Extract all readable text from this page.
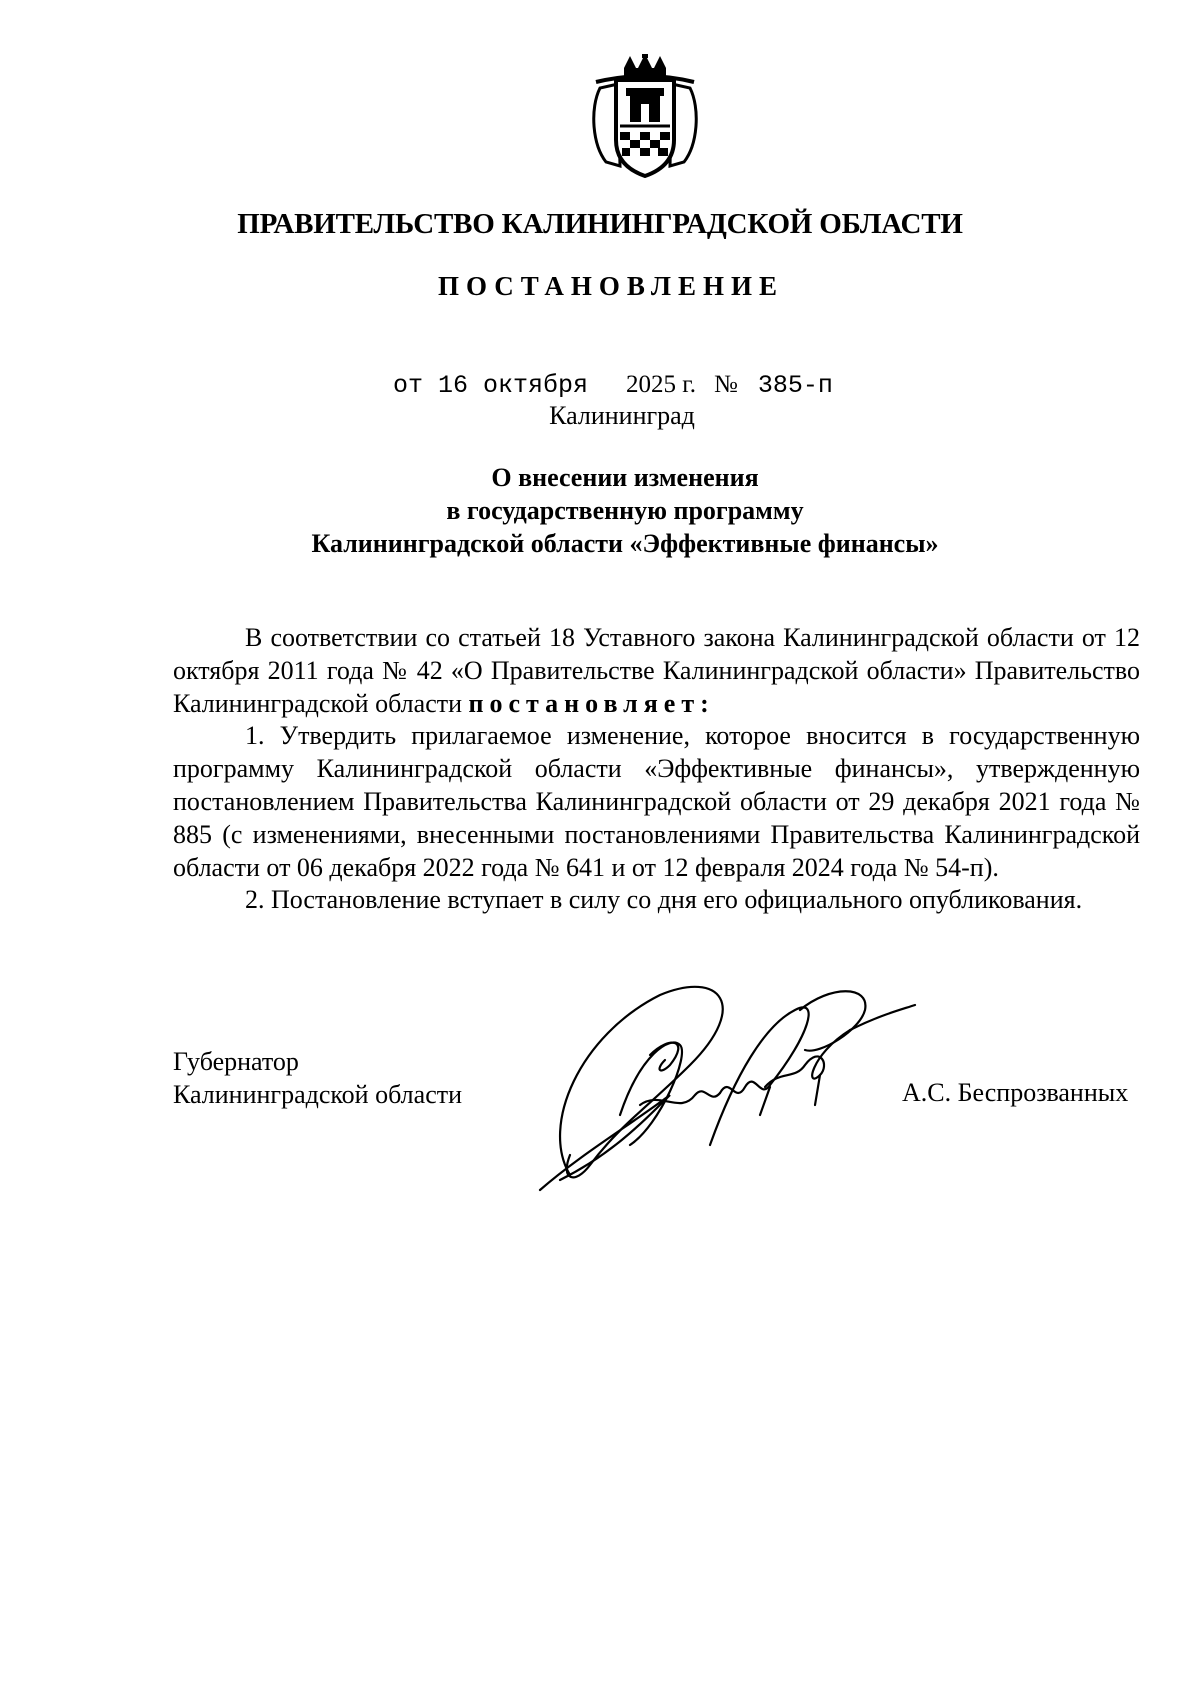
ПРАВИТЕЛЬСТВО КАЛИНИНГРАДСКОЙ ОБЛАСТИ
ПОСТАНОВЛЕНИЕ
от 16 октября 2025 г. № 385-п
Калининград
О внесении изменения
в государственную программу
Калининградской области «Эффективные финансы»

В соответствии со статьей 18 Уставного закона Калининградской области от 12 октября 2011 года № 42 «О Правительстве Калининградской области» Правительство Калининградской области постановляет:

1. Утвердить прилагаемое изменение, которое вносится в государственную программу Калининградской области «Эффективные финансы», утвержденную постановлением Правительства Калининградской области от 29 декабря 2021 года № 885 (с изменениями, внесенными постановлениями Правительства Калининградской области от 06 декабря 2022 года № 641 и от 12 февраля 2024 года № 54-п).

2. Постановление вступает в силу со дня его официального опубликования.

Губернатор
Калининградской области	А.С. Беспрозванных
